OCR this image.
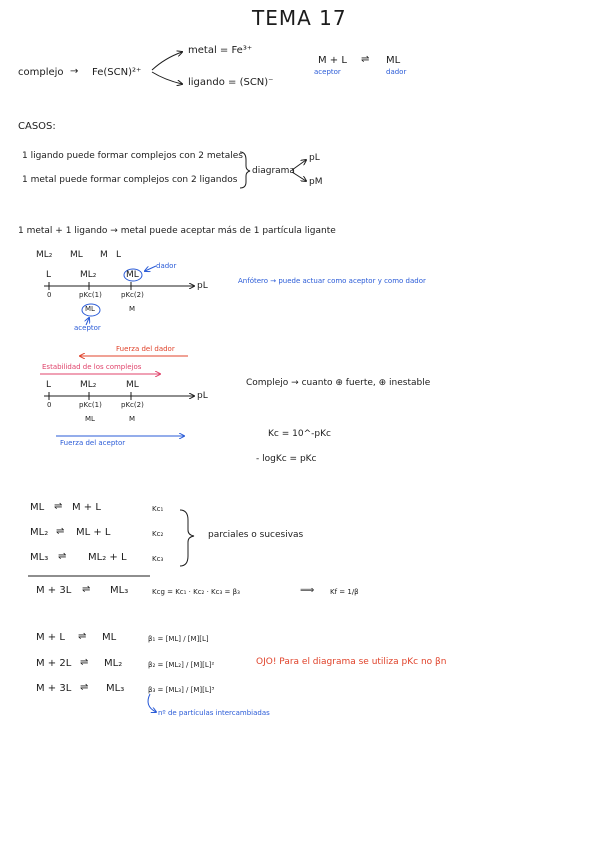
TEMA 17
complejo → Fe(SCN)²⁺
metal = Fe³⁺
ligando = (SCN)⁻
M + L ⇌ ML
aceptor	dador
CASOS:
1 ligando puede formar complejos con 2 metales
1 metal puede formar complejos con 2 ligandos
diagrama
pL
pM
1 metal + 1 ligando → metal puede aceptar más de 1 partícula ligante
ML₂ ML M L
L	ML₂	ML
dador
0
pL
pKc(1)	pKc(2)
ML	M
aceptor
Anfótero → puede actuar como aceptor y como dador
Fuerza del dador
Estabilidad de los complejos
L	ML₂	ML
0
pL
pKc(1)	pKc(2)
ML	M
Fuerza del aceptor
Complejo → cuanto ⊕ fuerte, ⊕ inestable
Kc = 10^-pKc
- logKc = pKc
ML ⇌ M + L	Kc₁
ML₂ ⇌ ML + L	Kc₂
ML₃ ⇌ ML₂ + L	Kc₃
parciales o sucesivas
M + 3L ⇌ ML₃	Kcg = Kc₁ · Kc₂ · Kc₃ = β₃	⟹ Kf = 1/β
M + L ⇌ ML	β₁ = [ML] / [M][L]
M + 2L ⇌ ML₂	β₂ = [ML₂] / [M][L]²
M + 3L ⇌ ML₃	β₃ = [ML₃] / [M][L]³
OJO! Para el diagrama se utiliza pKc no βn
nº de partículas intercambiadas
